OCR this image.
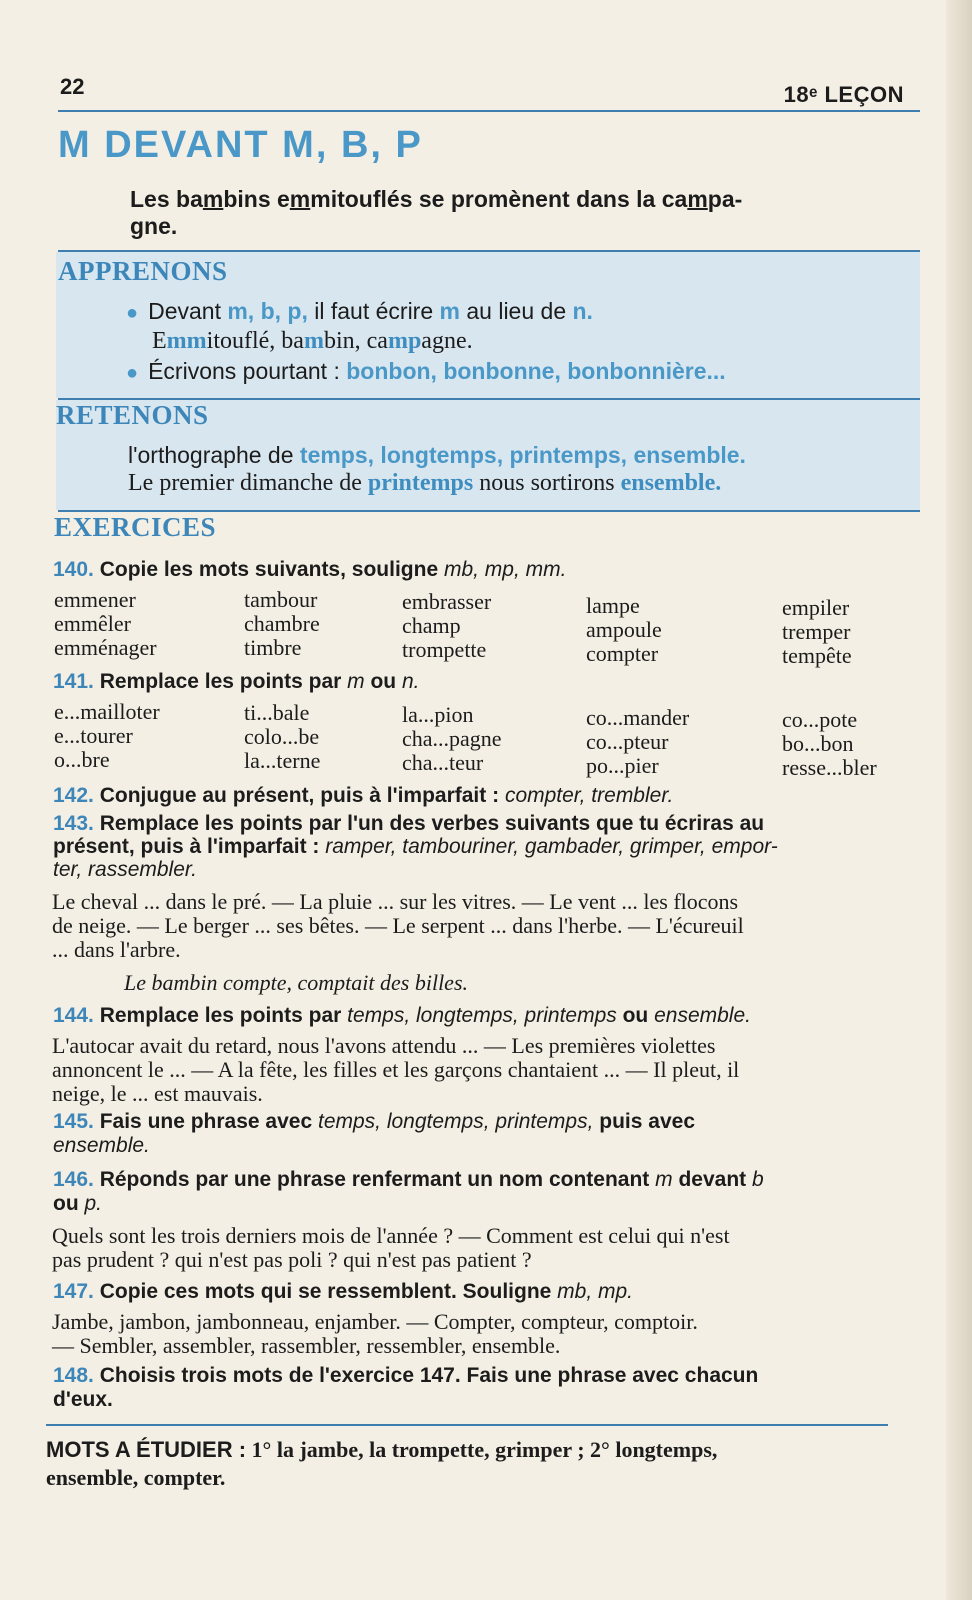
22	18ᵉ LEÇON
M DEVANT M, B, P
Les bambins emmitouflés se promènent dans la campa-
gne.
APPRENONS
● Devant m, b, p, il faut écrire m au lieu de n.
Emmitouflé, bambin, campagne.
● Écrivons pourtant : bonbon, bonbonne, bonbonnière...
RETENONS
l'orthographe de temps, longtemps, printemps, ensemble.
Le premier dimanche de printemps nous sortirons ensemble.
EXERCICES
140. Copie les mots suivants, souligne mb, mp, mm.
emmener
emmêler
emménager
tambour
chambre
timbre
embrasser
champ
trompette
lampe
ampoule
compter
empiler
tremper
tempête
141. Remplace les points par m ou n.
e...mailloter
e...tourer
o...bre
ti...bale
colo...be
la...terne
la...pion
cha...pagne
cha...teur
co...mander
co...pteur
po...pier
co...pote
bo...bon
resse...bler
142. Conjugue au présent, puis à l'imparfait : compter, trembler.
143. Remplace les points par l'un des verbes suivants que tu écriras au
présent, puis à l'imparfait : ramper, tambouriner, gambader, grimper, empor-
ter, rassembler.
Le cheval ... dans le pré. — La pluie ... sur les vitres. — Le vent ... les flocons
de neige. — Le berger ... ses bêtes. — Le serpent ... dans l'herbe. — L'écureuil
... dans l'arbre.
Le bambin compte, comptait des billes.
144. Remplace les points par temps, longtemps, printemps ou ensemble.
L'autocar avait du retard, nous l'avons attendu ... — Les premières violettes
annoncent le ... — A la fête, les filles et les garçons chantaient ... — Il pleut, il
neige, le ... est mauvais.
145. Fais une phrase avec temps, longtemps, printemps, puis avec
ensemble.
146. Réponds par une phrase renfermant un nom contenant m devant b
ou p.
Quels sont les trois derniers mois de l'année ? — Comment est celui qui n'est
pas prudent ? qui n'est pas poli ? qui n'est pas patient ?
147. Copie ces mots qui se ressemblent. Souligne mb, mp.
Jambe, jambon, jambonneau, enjamber. — Compter, compteur, comptoir.
— Sembler, assembler, rassembler, ressembler, ensemble.
148. Choisis trois mots de l'exercice 147. Fais une phrase avec chacun
d'eux.
MOTS A ÉTUDIER : 1° la jambe, la trompette, grimper ; 2° longtemps,
ensemble, compter.
